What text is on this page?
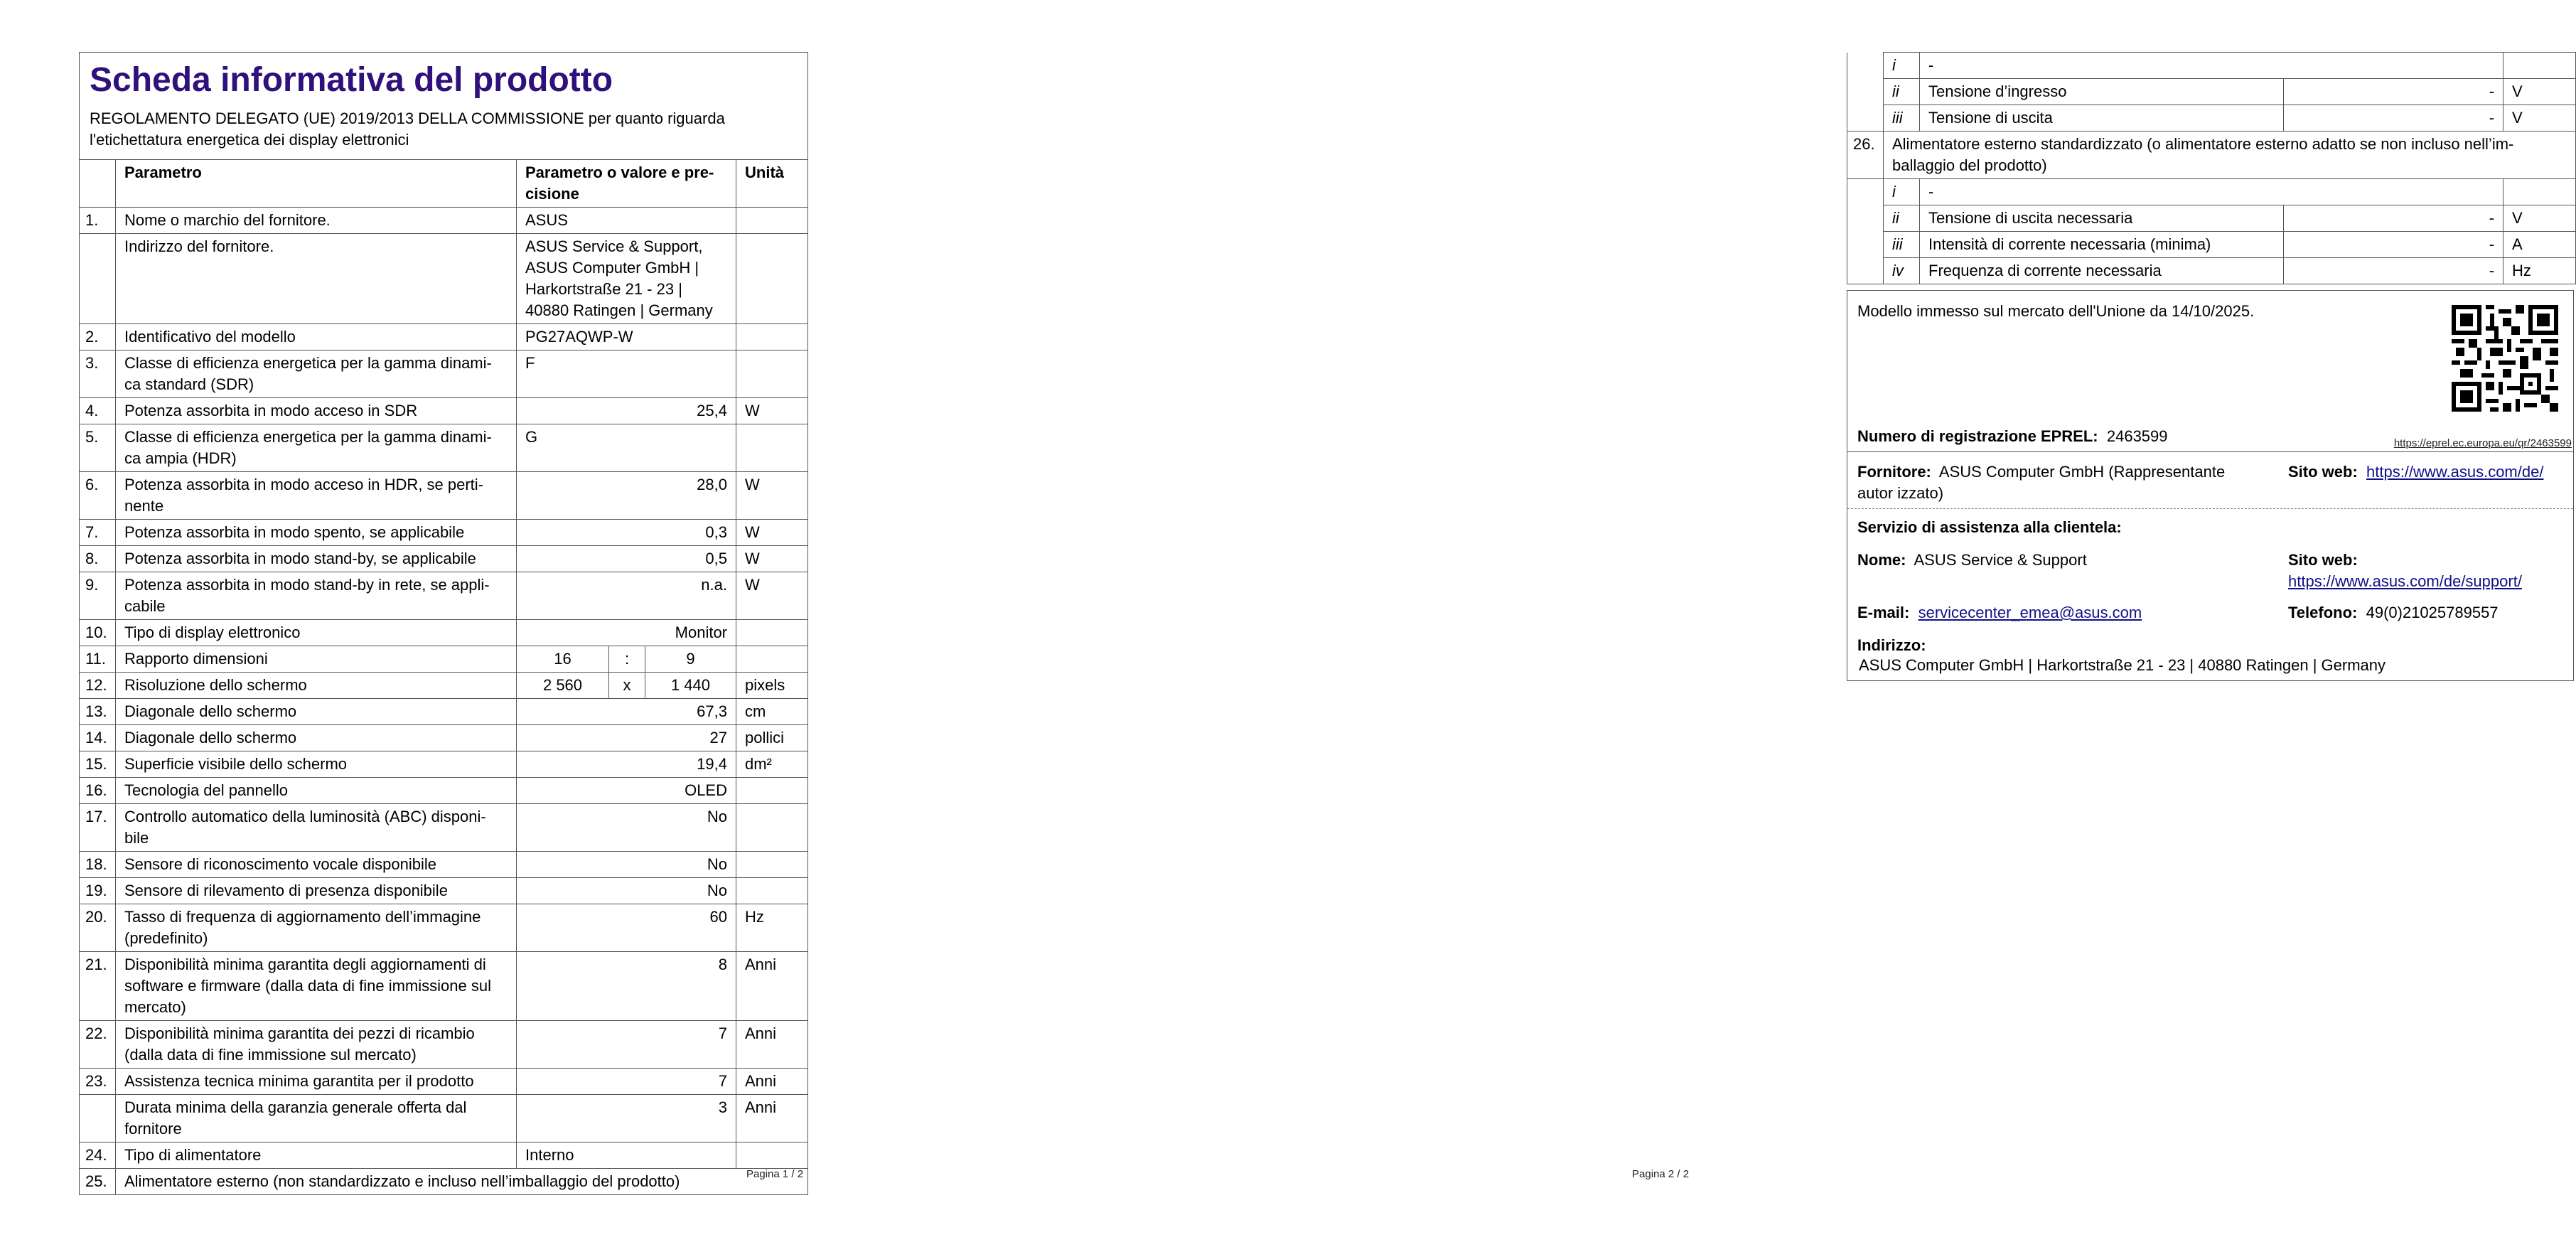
Scheda informativa del prodotto
REGOLAMENTO DELEGATO (UE) 2019/2013 DELLA COMMISSIONE per quanto riguarda l'etichettatura energetica dei display elettronici					

	Parametro	Parametro o valore e pre-cisione			Unità
1.	Nome o marchio del fornitore.	ASUS			
	Indirizzo del fornitore.	ASUS Service & Support, ASUS Computer GmbH | Harkortstraße 21 - 23 | 40880 Ratingen | Germany			
2.	Identificativo del modello	PG27AQWP-W			
3.	Classe di efficienza energetica per la gamma dinami-ca standard (SDR)	F			
4.	Potenza assorbita in modo acceso in SDR	25,4			W
5.	Classe di efficienza energetica per la gamma dinami-ca ampia (HDR)	G			
6.	Potenza assorbita in modo acceso in HDR, se perti-nente	28,0			W
7.	Potenza assorbita in modo spento, se applicabile	0,3			W
8.	Potenza assorbita in modo stand-by, se applicabile	0,5			W
9.	Potenza assorbita in modo stand-by in rete, se appli-cabile	n.a.			W
10.	Tipo di display elettronico	Monitor			
11.	Rapporto dimensioni	16	:	9	
12.	Risoluzione dello schermo	2 560	x	1 440	pixels
13.	Diagonale dello schermo	67,3			cm
14.	Diagonale dello schermo	27			pollici
15.	Superficie visibile dello schermo	19,4			dm²
16.	Tecnologia del pannello	OLED			
17.	Controllo automatico della luminosità (ABC) disponi-bile	No			
18.	Sensore di riconoscimento vocale disponibile	No			
19.	Sensore di rilevamento di presenza disponibile	No			
20.	Tasso di frequenza di aggiornamento dell’immagine (predefinito)	60			Hz
21.	Disponibilità minima garantita degli aggiornamenti di software e firmware (dalla data di fine immissione sul mercato)	8			Anni
22.	Disponibilità minima garantita dei pezzi di ricambio (dalla data di fine immissione sul mercato)	7			Anni
23.	Assistenza tecnica minima garantita per il prodotto	7			Anni
	Durata minima della garanzia generale offerta dal fornitore	3			Anni
24.	Tipo di alimentatore	Interno			
25.	Alimentatore esterno (non standardizzato e incluso nell’imballaggio del prodotto)					Pagina 1 / 2
	i	-		
	ii	Tensione d’ingresso	-	V
	iii	Tensione di uscita	-	V
26.	Alimentatore esterno standardizzato (o alimentatore esterno adatto se non incluso nell’im-ballaggio del prodotto)			
	i	-		
	ii	Tensione di uscita necessaria	-	V
	iii	Intensità di corrente necessaria (minima)	-	A
	iv	Frequenza di corrente necessaria	-	Hz
Modello immesso sul mercato dell'Unione da 14/10/2025.
Numero di registrazione EPREL: 2463599	https://eprel.ec.europa.eu/qr/2463599
Fornitore: ASUS Computer GmbH (Rappresentante autor izzato)
Sito web: https://www.asus.com/de/
Servizio di assistenza alla clientela:
Nome: ASUS Service & Support	Sito web:  https://www.asus.com/de/support/
E-mail: servicecenter_emea@asus.com	Telefono: 49(0)21025789557
Indirizzo:
ASUS Computer GmbH | Harkortstraße 21 - 23 | 40880 Ratingen | Germany
Pagina 2 / 2
